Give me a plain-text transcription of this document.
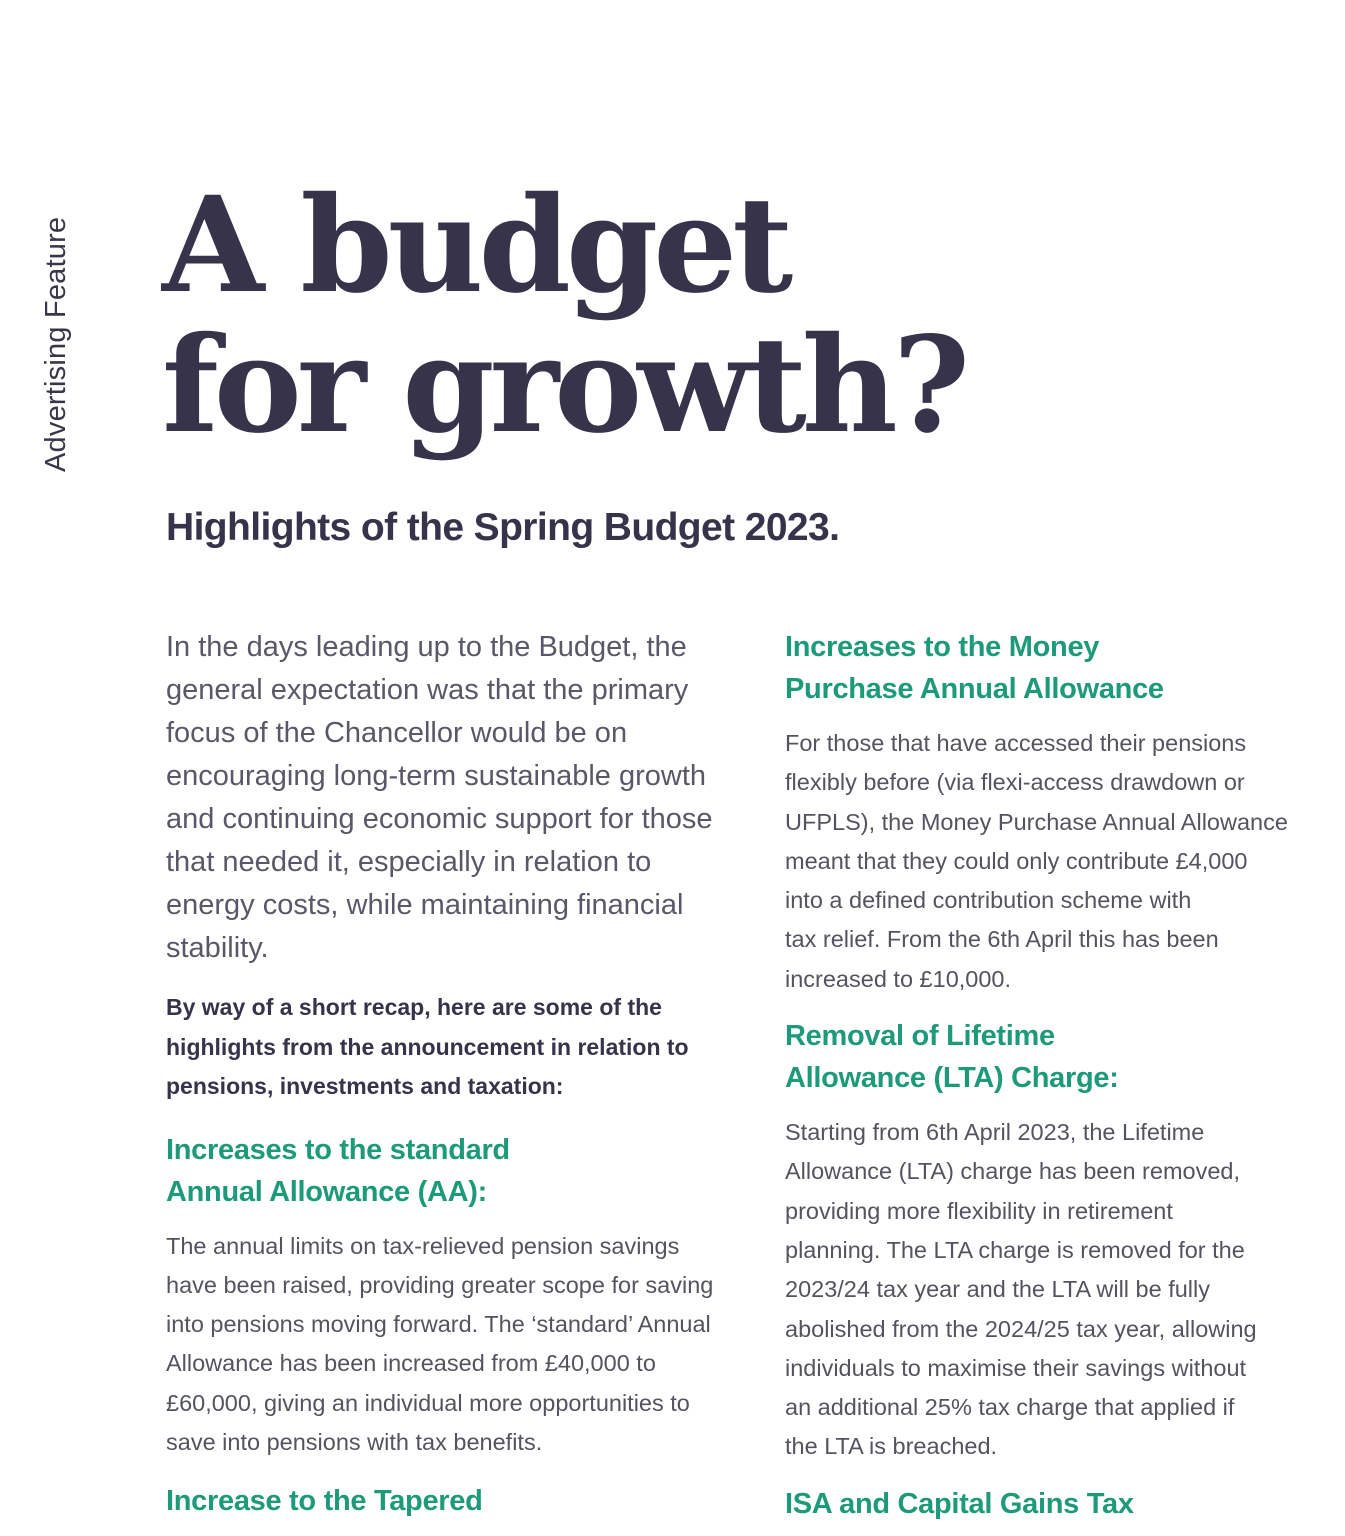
Advertising Feature A budget
for growth?
Highlights of the Spring Budget 2023.

In the days leading up to the Budget, the general expectation was that the primary focus of the Chancellor would be on encouraging long-term sustainable growth and continuing economic support for those that needed it, especially in relation to energy costs, while maintaining financial stability.

By way of a short recap, here are some of the highlights from the announcement in relation to pensions, investments and taxation:

Increases to the standard
Annual Allowance (AA):

The annual limits on tax-relieved pension savings have been raised, providing greater scope for saving into pensions moving forward. The ‘standard’ Annual Allowance has been increased from £40,000 to £60,000, giving an individual more opportunities to save into pensions with tax benefits.

Increase to the Tapered
Increases to the Money
Purchase Annual Allowance

For those that have accessed their pensions
flexibly before (via flexi-access drawdown or
UFPLS), the Money Purchase Annual Allowance
meant that they could only contribute £4,000
into a defined contribution scheme with
tax relief. From the 6th April this has been
increased to £10,000.

Removal of Lifetime
Allowance (LTA) Charge:

Starting from 6th April 2023, the Lifetime
Allowance (LTA) charge has been removed,
providing more flexibility in retirement
planning. The LTA charge is removed for the
2023/24 tax year and the LTA will be fully
abolished from the 2024/25 tax year, allowing
individuals to maximise their savings without
an additional 25% tax charge that applied if
the LTA is breached.

ISA and Capital Gains Tax
